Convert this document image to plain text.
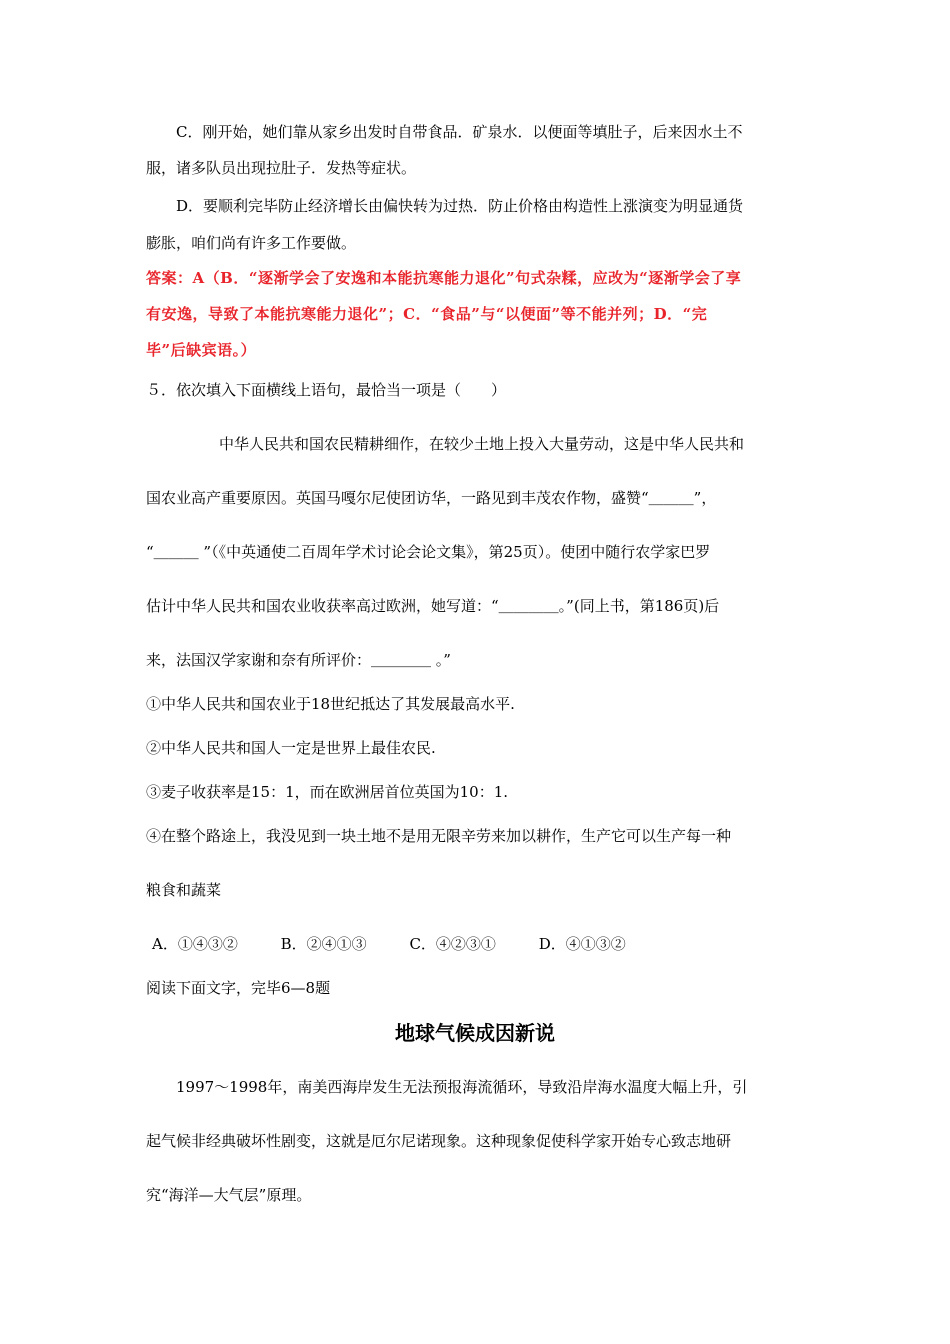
C．刚开始，她们靠从家乡出发时自带食品．矿泉水．以便面等填肚子，后来因水土不
服，诸多队员出现拉肚子．发热等症状。
D．要顺利完毕防止经济增长由偏快转为过热．防止价格由构造性上涨演变为明显通货
膨胀，咱们尚有许多工作要做。
答案：A（B．“逐渐学会了安逸和本能抗寒能力退化”句式杂糅，应改为“逐渐学会了享
有安逸，导致了本能抗寒能力退化”；C．“食品”与“以便面”等不能并列；D．“完
毕”后缺宾语。）
５．依次填入下面横线上语句，最恰当一项是（　　）
中华人民共和国农民精耕细作，在较少土地上投入大量劳动，这是中华人民共和
国农业高产重要原因。英国马嘎尔尼使团访华，一路见到丰茂农作物，盛赞“＿＿＿”，
“＿＿＿ ”（《中英通使二百周年学术讨论会论文集》，第25页）。使团中随行农学家巴罗
估计中华人民共和国农业收获率高过欧洲，她写道：“＿＿＿＿。”(同上书，第186页)后
来，法国汉学家谢和奈有所评价：＿＿＿＿ 。”
①中华人民共和国农业于18世纪抵达了其发展最高水平.
②中华人民共和国人一定是世界上最佳农民.
③麦子收获率是15：1，而在欧洲居首位英国为10：1.
④在整个路途上，我没见到一块土地不是用无限辛劳来加以耕作，生产它可以生产每一种
粮食和蔬菜
A．①④③②	B．②④①③	C．④②③①	D．④①③②
阅读下面文字，完毕6—8题
地球气候成因新说
1997～1998年，南美西海岸发生无法预报海流循环，导致沿岸海水温度大幅上升，引
起气候非经典破坏性剧变，这就是厄尔尼诺现象。这种现象促使科学家开始专心致志地研
究“海洋—大气层”原理。
